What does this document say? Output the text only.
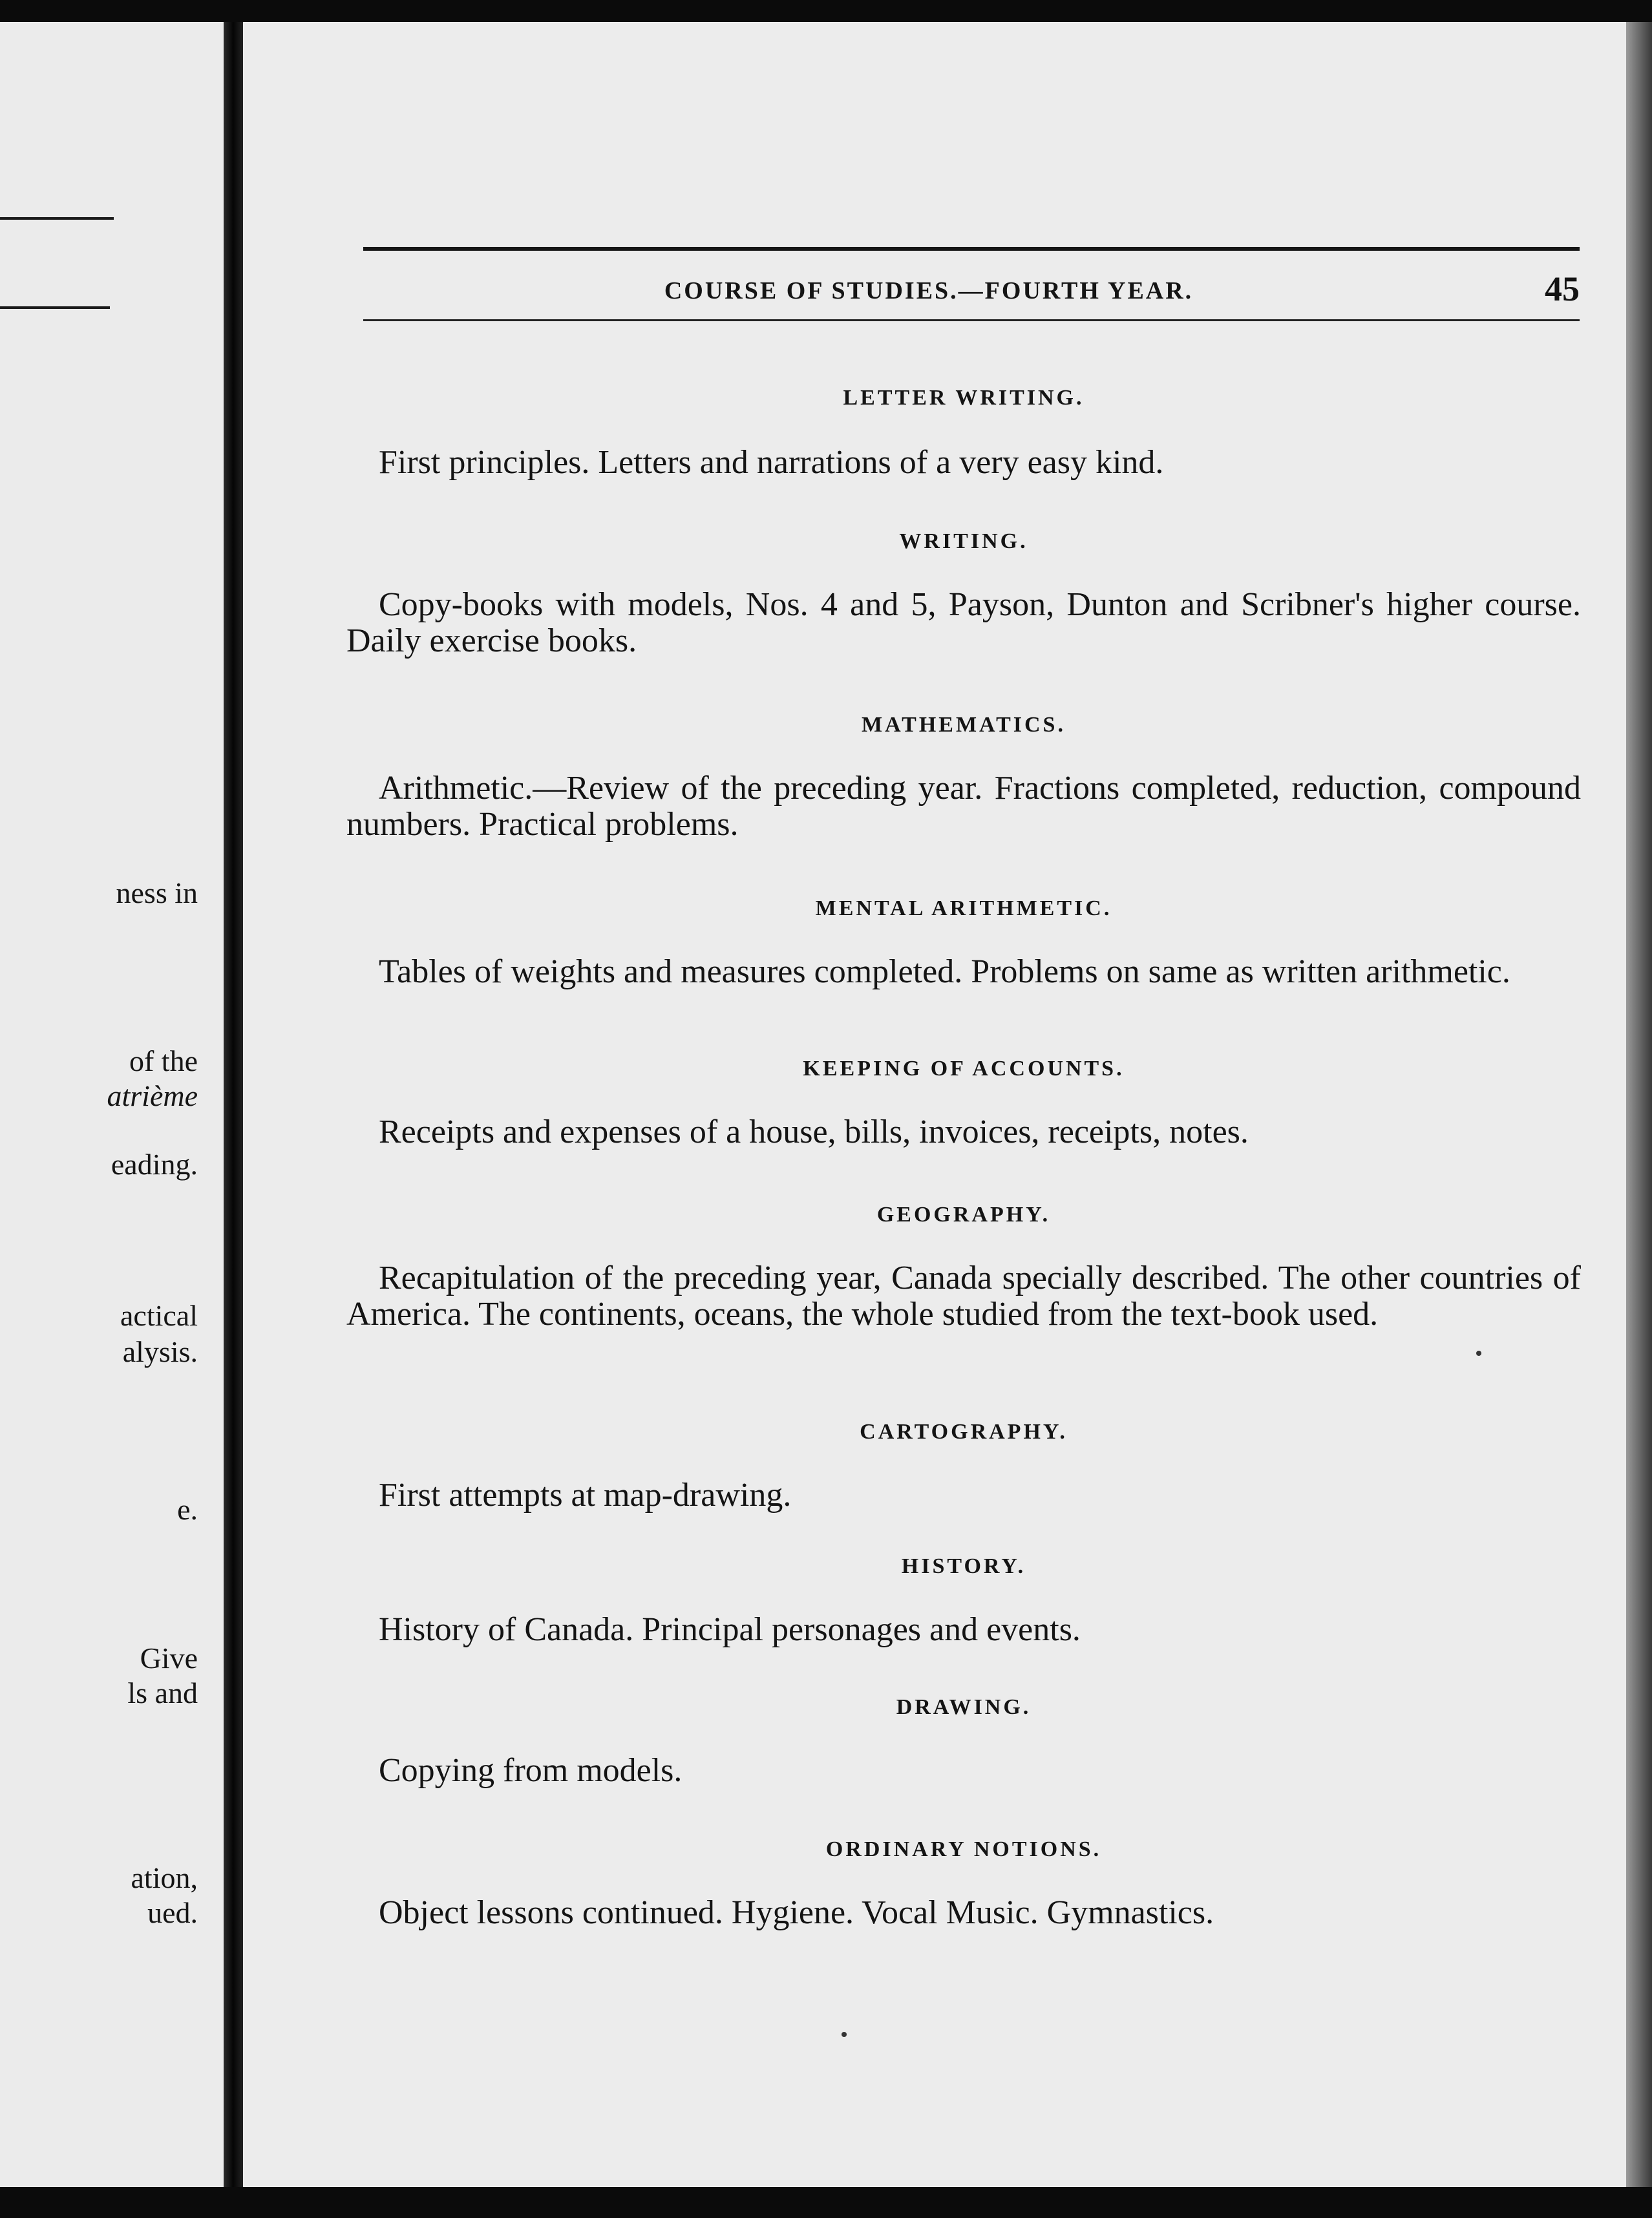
ness in
of the
atrième
eading.
actical
alysis.
e.
Give
ls and
ation,
ued.
COURSE OF STUDIES.—FOURTH YEAR.	45

LETTER WRITING.

First principles. Letters and narrations of a very easy kind.

WRITING.

Copy-books with models, Nos. 4 and 5, Payson, Dunton and Scribner's higher course. Daily exercise books.

MATHEMATICS.

Arithmetic.—Review of the preceding year. Fractions completed, reduction, compound numbers. Practical problems.

MENTAL ARITHMETIC.

Tables of weights and measures completed. Problems on same as written arithmetic.

KEEPING OF ACCOUNTS.

Receipts and expenses of a house, bills, invoices, receipts, notes.

GEOGRAPHY.

Recapitulation of the preceding year, Canada specially described. The other countries of America. The continents, oceans, the whole studied from the text-book used.

CARTOGRAPHY.

First attempts at map-drawing.

HISTORY.

History of Canada. Principal personages and events.

DRAWING.

Copying from models.

ORDINARY NOTIONS.

Object lessons continued. Hygiene. Vocal Music. Gymnastics.
